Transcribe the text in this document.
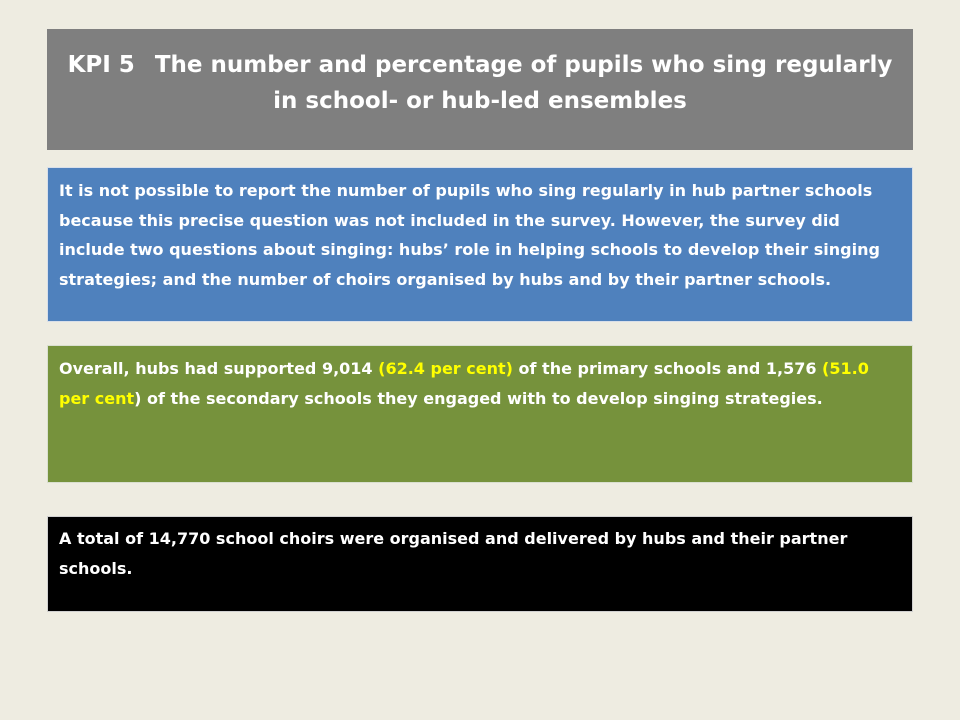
KPI 5 The number and percentage of pupils who sing regularly in school- or hub-led ensembles
It is not possible to report the number of pupils who sing regularly in hub partner schools because this precise question was not included in the survey. However, the survey did include two questions about singing: hubs’ role in helping schools to develop their singing strategies; and the number of choirs organised by hubs and by their partner schools.
Overall, hubs had supported 9,014 (62.4 per cent) of the primary schools and 1,576 (51.0 per cent) of the secondary schools they engaged with to develop singing strategies.
A total of 14,770 school choirs were organised and delivered by hubs and their partner schools.
